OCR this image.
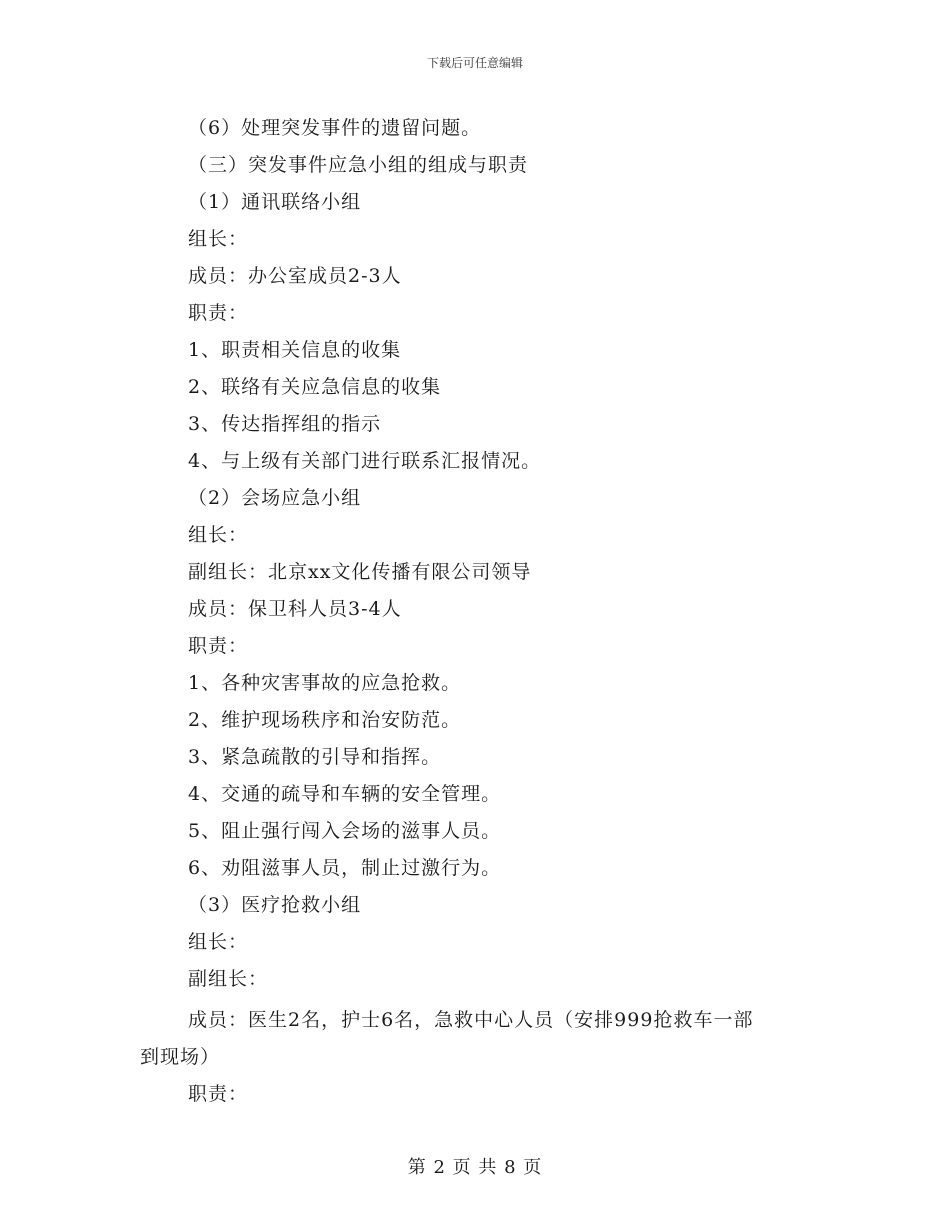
下载后可任意编辑
（6）处理突发事件的遗留问题。
（三）突发事件应急小组的组成与职责
（1）通讯联络小组
组长：
成员：办公室成员2-3人
职责：
1、职责相关信息的收集
2、联络有关应急信息的收集
3、传达指挥组的指示
4、与上级有关部门进行联系汇报情况。
（2）会场应急小组
组长：
副组长：北京xx文化传播有限公司领导
成员：保卫科人员3-4人
职责：
1、各种灾害事故的应急抢救。
2、维护现场秩序和治安防范。
3、紧急疏散的引导和指挥。
4、交通的疏导和车辆的安全管理。
5、阻止强行闯入会场的滋事人员。
6、劝阻滋事人员，制止过激行为。
（3）医疗抢救小组
组长：
副组长：
成员：医生2名，护士6名，急救中心人员（安排999抢救车一部
到现场）
职责：
第 2 页 共 8 页
